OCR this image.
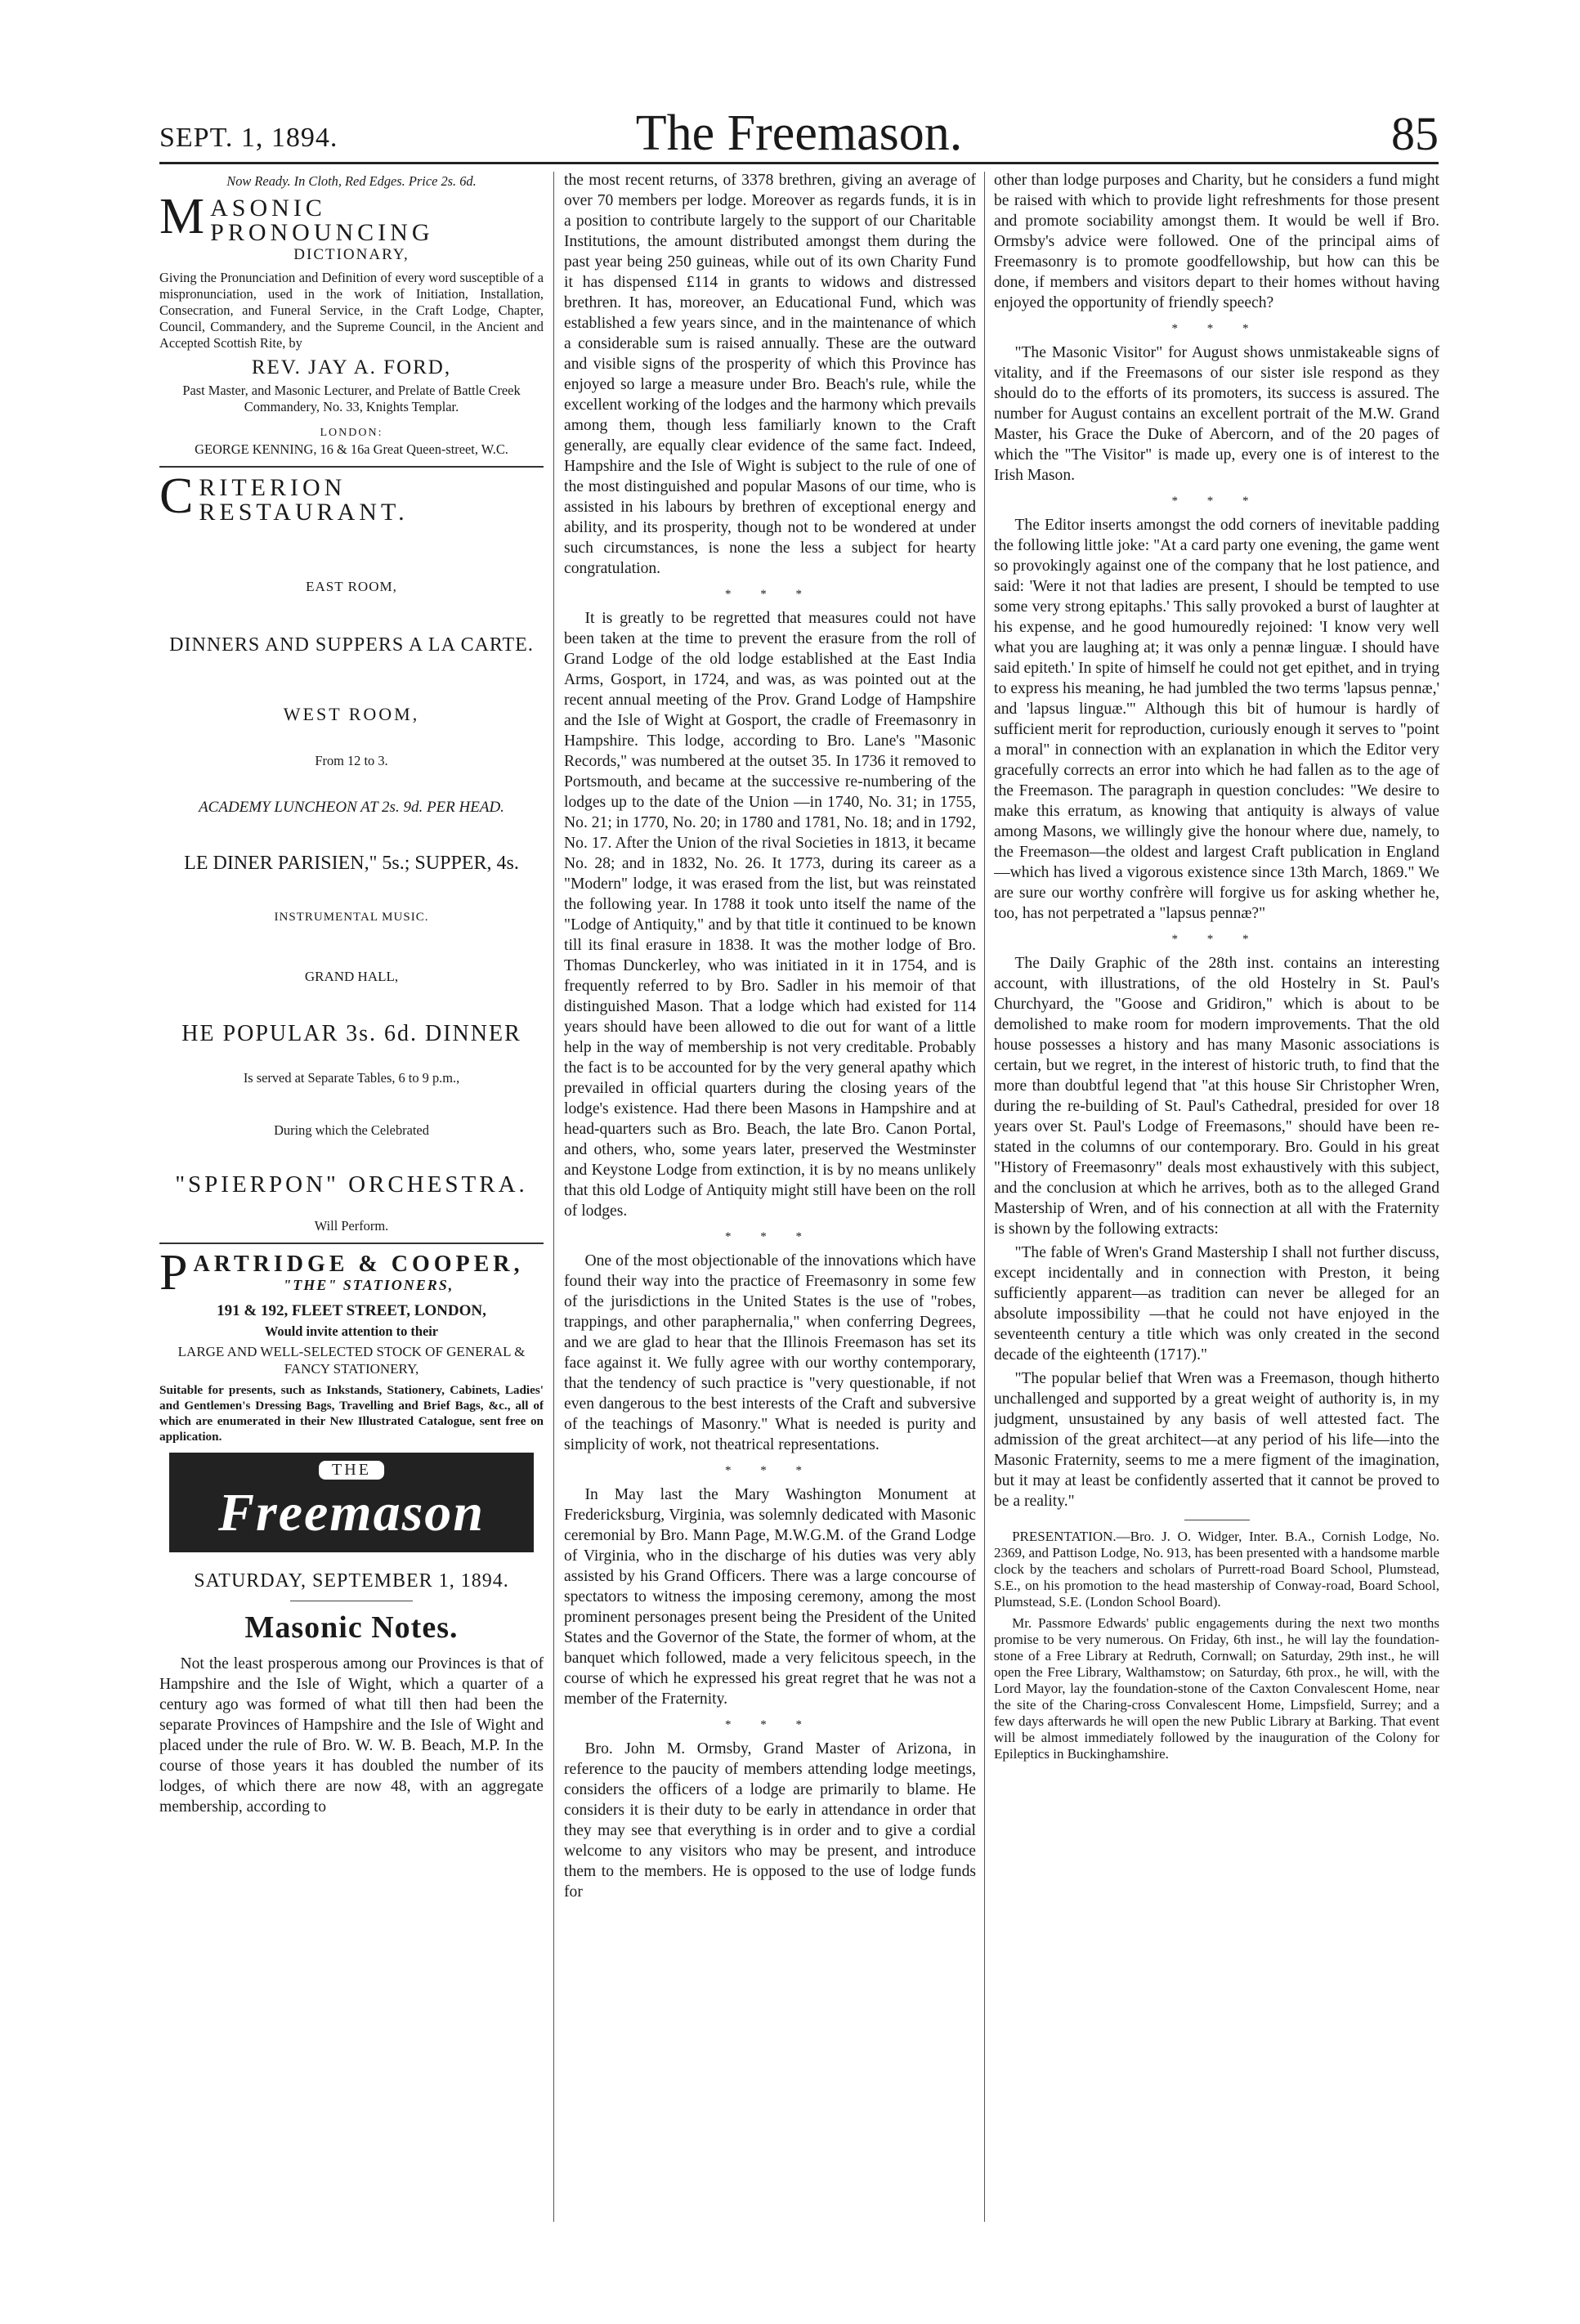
SEPT. 1, 1894.	The Freemason.	85
Now Ready. In Cloth, Red Edges. Price 2s. 6d.
MASONIC PRONOUNCING
DICTIONARY,

Giving the Pronunciation and Definition of every word susceptible of a mispronunciation, used in the work of Initiation, Installation, Consecration, and Funeral Service, in the Craft Lodge, Chapter, Council, Commandery, and the Supreme Council, in the Ancient and Accepted Scottish Rite, by

REV. JAY A. FORD,
Past Master, and Masonic Lecturer, and Prelate of Battle Creek Commandery, No. 33, Knights Templar.
LONDON:
GEORGE KENNING, 16 & 16a Great Queen-street, W.C.
CRITERION RESTAURANT.
EAST ROOM,
DINNERS AND SUPPERS A LA CARTE.
WEST ROOM,
From 12 to 3.
ACADEMY LUNCHEON AT 2s. 9d. PER HEAD.
LE DINER PARISIEN," 5s.; SUPPER, 4s.
INSTRUMENTAL MUSIC.
GRAND HALL,
HE POPULAR 3s. 6d. DINNER
Is served at Separate Tables, 6 to 9 p.m.,
During which the Celebrated
"SPIERPON" ORCHESTRA.
Will Perform.
PARTRIDGE & COOPER,
"THE" STATIONERS,
191 & 192, FLEET STREET, LONDON,
Would invite attention to their
LARGE AND WELL-SELECTED STOCK OF GENERAL & FANCY STATIONERY,

Suitable for presents, such as Inkstands, Stationery, Cabinets, Ladies' and Gentlemen's Dressing Bags, Travelling and Brief Bags, &c., all of which are enumerated in their New Illustrated Catalogue, sent free on application.

THE
Freemason
SATURDAY, SEPTEMBER 1, 1894.
Masonic Notes.

Not the least prosperous among our Provinces is that of Hampshire and the Isle of Wight, which a quarter of a century ago was formed of what till then had been the separate Provinces of Hampshire and the Isle of Wight and placed under the rule of Bro. W. W. B. Beach, M.P. In the course of those years it has doubled the number of its lodges, of which there are now 48, with an aggregate membership, according to

the most recent returns, of 3378 brethren, giving an average of over 70 members per lodge. Moreover as regards funds, it is in a position to contribute largely to the support of our Charitable Institutions, the amount distributed amongst them during the past year being 250 guineas, while out of its own Charity Fund it has dispensed £114 in grants to widows and distressed brethren. It has, moreover, an Educational Fund, which was established a few years since, and in the maintenance of which a considerable sum is raised annually. These are the outward and visible signs of the prosperity of which this Province has enjoyed so large a measure under Bro. Beach's rule, while the excellent working of the lodges and the harmony which prevails among them, though less familiarly known to the Craft generally, are equally clear evidence of the same fact. Indeed, Hampshire and the Isle of Wight is subject to the rule of one of the most distinguished and popular Masons of our time, who is assisted in his labours by brethren of exceptional energy and ability, and its prosperity, though not to be wondered at under such circumstances, is none the less a subject for hearty congratulation.

* * *

It is greatly to be regretted that measures could not have been taken at the time to prevent the erasure from the roll of Grand Lodge of the old lodge established at the East India Arms, Gosport, in 1724, and was, as was pointed out at the recent annual meeting of the Prov. Grand Lodge of Hampshire and the Isle of Wight at Gosport, the cradle of Freemasonry in Hampshire. This lodge, according to Bro. Lane's "Masonic Records," was numbered at the outset 35. In 1736 it removed to Portsmouth, and became at the successive re-numbering of the lodges up to the date of the Union —in 1740, No. 31; in 1755, No. 21; in 1770, No. 20; in 1780 and 1781, No. 18; and in 1792, No. 17. After the Union of the rival Societies in 1813, it became No. 28; and in 1832, No. 26. It 1773, during its career as a "Modern" lodge, it was erased from the list, but was reinstated the following year. In 1788 it took unto itself the name of the "Lodge of Antiquity," and by that title it continued to be known till its final erasure in 1838. It was the mother lodge of Bro. Thomas Dunckerley, who was initiated in it in 1754, and is frequently referred to by Bro. Sadler in his memoir of that distinguished Mason. That a lodge which had existed for 114 years should have been allowed to die out for want of a little help in the way of membership is not very creditable. Probably the fact is to be accounted for by the very general apathy which prevailed in official quarters during the closing years of the lodge's existence. Had there been Masons in Hampshire and at head-quarters such as Bro. Beach, the late Bro. Canon Portal, and others, who, some years later, preserved the Westminster and Keystone Lodge from extinction, it is by no means unlikely that this old Lodge of Antiquity might still have been on the roll of lodges.

* * *

One of the most objectionable of the innovations which have found their way into the practice of Freemasonry in some few of the jurisdictions in the United States is the use of "robes, trappings, and other paraphernalia," when conferring Degrees, and we are glad to hear that the Illinois Freemason has set its face against it. We fully agree with our worthy contemporary, that the tendency of such practice is "very questionable, if not even dangerous to the best interests of the Craft and subversive of the teachings of Masonry." What is needed is purity and simplicity of work, not theatrical representations.

* * *

In May last the Mary Washington Monument at Fredericksburg, Virginia, was solemnly dedicated with Masonic ceremonial by Bro. Mann Page, M.W.G.M. of the Grand Lodge of Virginia, who in the discharge of his duties was very ably assisted by his Grand Officers. There was a large concourse of spectators to witness the imposing ceremony, among the most prominent personages present being the President of the United States and the Governor of the State, the former of whom, at the banquet which followed, made a very felicitous speech, in the course of which he expressed his great regret that he was not a member of the Fraternity.

* * *

Bro. John M. Ormsby, Grand Master of Arizona, in reference to the paucity of members attending lodge meetings, considers the officers of a lodge are primarily to blame. He considers it is their duty to be early in attendance in order that they may see that everything is in order and to give a cordial welcome to any visitors who may be present, and introduce them to the members. He is opposed to the use of lodge funds for

other than lodge purposes and Charity, but he considers a fund might be raised with which to provide light refreshments for those present and promote sociability amongst them. It would be well if Bro. Ormsby's advice were followed. One of the principal aims of Freemasonry is to promote goodfellowship, but how can this be done, if members and visitors depart to their homes without having enjoyed the opportunity of friendly speech?

* * *

"The Masonic Visitor" for August shows unmistakeable signs of vitality, and if the Freemasons of our sister isle respond as they should do to the efforts of its promoters, its success is assured. The number for August contains an excellent portrait of the M.W. Grand Master, his Grace the Duke of Abercorn, and of the 20 pages of which the "The Visitor" is made up, every one is of interest to the Irish Mason.

* * *

The Editor inserts amongst the odd corners of inevitable padding the following little joke: "At a card party one evening, the game went so provokingly against one of the company that he lost patience, and said: 'Were it not that ladies are present, I should be tempted to use some very strong epitaphs.' This sally provoked a burst of laughter at his expense, and he good humouredly rejoined: 'I know very well what you are laughing at; it was only a pennæ linguæ. I should have said epiteth.' In spite of himself he could not get epithet, and in trying to express his meaning, he had jumbled the two terms 'lapsus pennæ,' and 'lapsus linguæ.'" Although this bit of humour is hardly of sufficient merit for reproduction, curiously enough it serves to "point a moral" in connection with an explanation in which the Editor very gracefully corrects an error into which he had fallen as to the age of the Freemason. The paragraph in question concludes: "We desire to make this erratum, as knowing that antiquity is always of value among Masons, we willingly give the honour where due, namely, to the Freemason—the oldest and largest Craft publication in England—which has lived a vigorous existence since 13th March, 1869." We are sure our worthy confrère will forgive us for asking whether he, too, has not perpetrated a "lapsus pennæ?"

* * *

The Daily Graphic of the 28th inst. contains an interesting account, with illustrations, of the old Hostelry in St. Paul's Churchyard, the "Goose and Gridiron," which is about to be demolished to make room for modern improvements. That the old house possesses a history and has many Masonic associations is certain, but we regret, in the interest of historic truth, to find that the more than doubtful legend that "at this house Sir Christopher Wren, during the re-building of St. Paul's Cathedral, presided for over 18 years over St. Paul's Lodge of Freemasons," should have been re-stated in the columns of our contemporary. Bro. Gould in his great "History of Freemasonry" deals most exhaustively with this subject, and the conclusion at which he arrives, both as to the alleged Grand Mastership of Wren, and of his connection at all with the Fraternity is shown by the following extracts:

"The fable of Wren's Grand Mastership I shall not further discuss, except incidentally and in connection with Preston, it being sufficiently apparent—as tradition can never be alleged for an absolute impossibility —that he could not have enjoyed in the seventeenth century a title which was only created in the second decade of the eighteenth (1717)."

"The popular belief that Wren was a Freemason, though hitherto unchallenged and supported by a great weight of authority is, in my judgment, unsustained by any basis of well attested fact. The admission of the great architect—at any period of his life—into the Masonic Fraternity, seems to me a mere figment of the imagination, but it may at least be confidently asserted that it cannot be proved to be a reality."

PRESENTATION.—Bro. J. O. Widger, Inter. B.A., Cornish Lodge, No. 2369, and Pattison Lodge, No. 913, has been presented with a handsome marble clock by the teachers and scholars of Purrett-road Board School, Plumstead, S.E., on his promotion to the head mastership of Conway-road, Board School, Plumstead, S.E. (London School Board).

Mr. Passmore Edwards' public engagements during the next two months promise to be very numerous. On Friday, 6th inst., he will lay the foundation-stone of a Free Library at Redruth, Cornwall; on Saturday, 29th inst., he will open the Free Library, Walthamstow; on Saturday, 6th prox., he will, with the Lord Mayor, lay the foundation-stone of the Caxton Convalescent Home, near the site of the Charing-cross Convalescent Home, Limpsfield, Surrey; and a few days afterwards he will open the new Public Library at Barking. That event will be almost immediately followed by the inauguration of the Colony for Epileptics in Buckinghamshire.
